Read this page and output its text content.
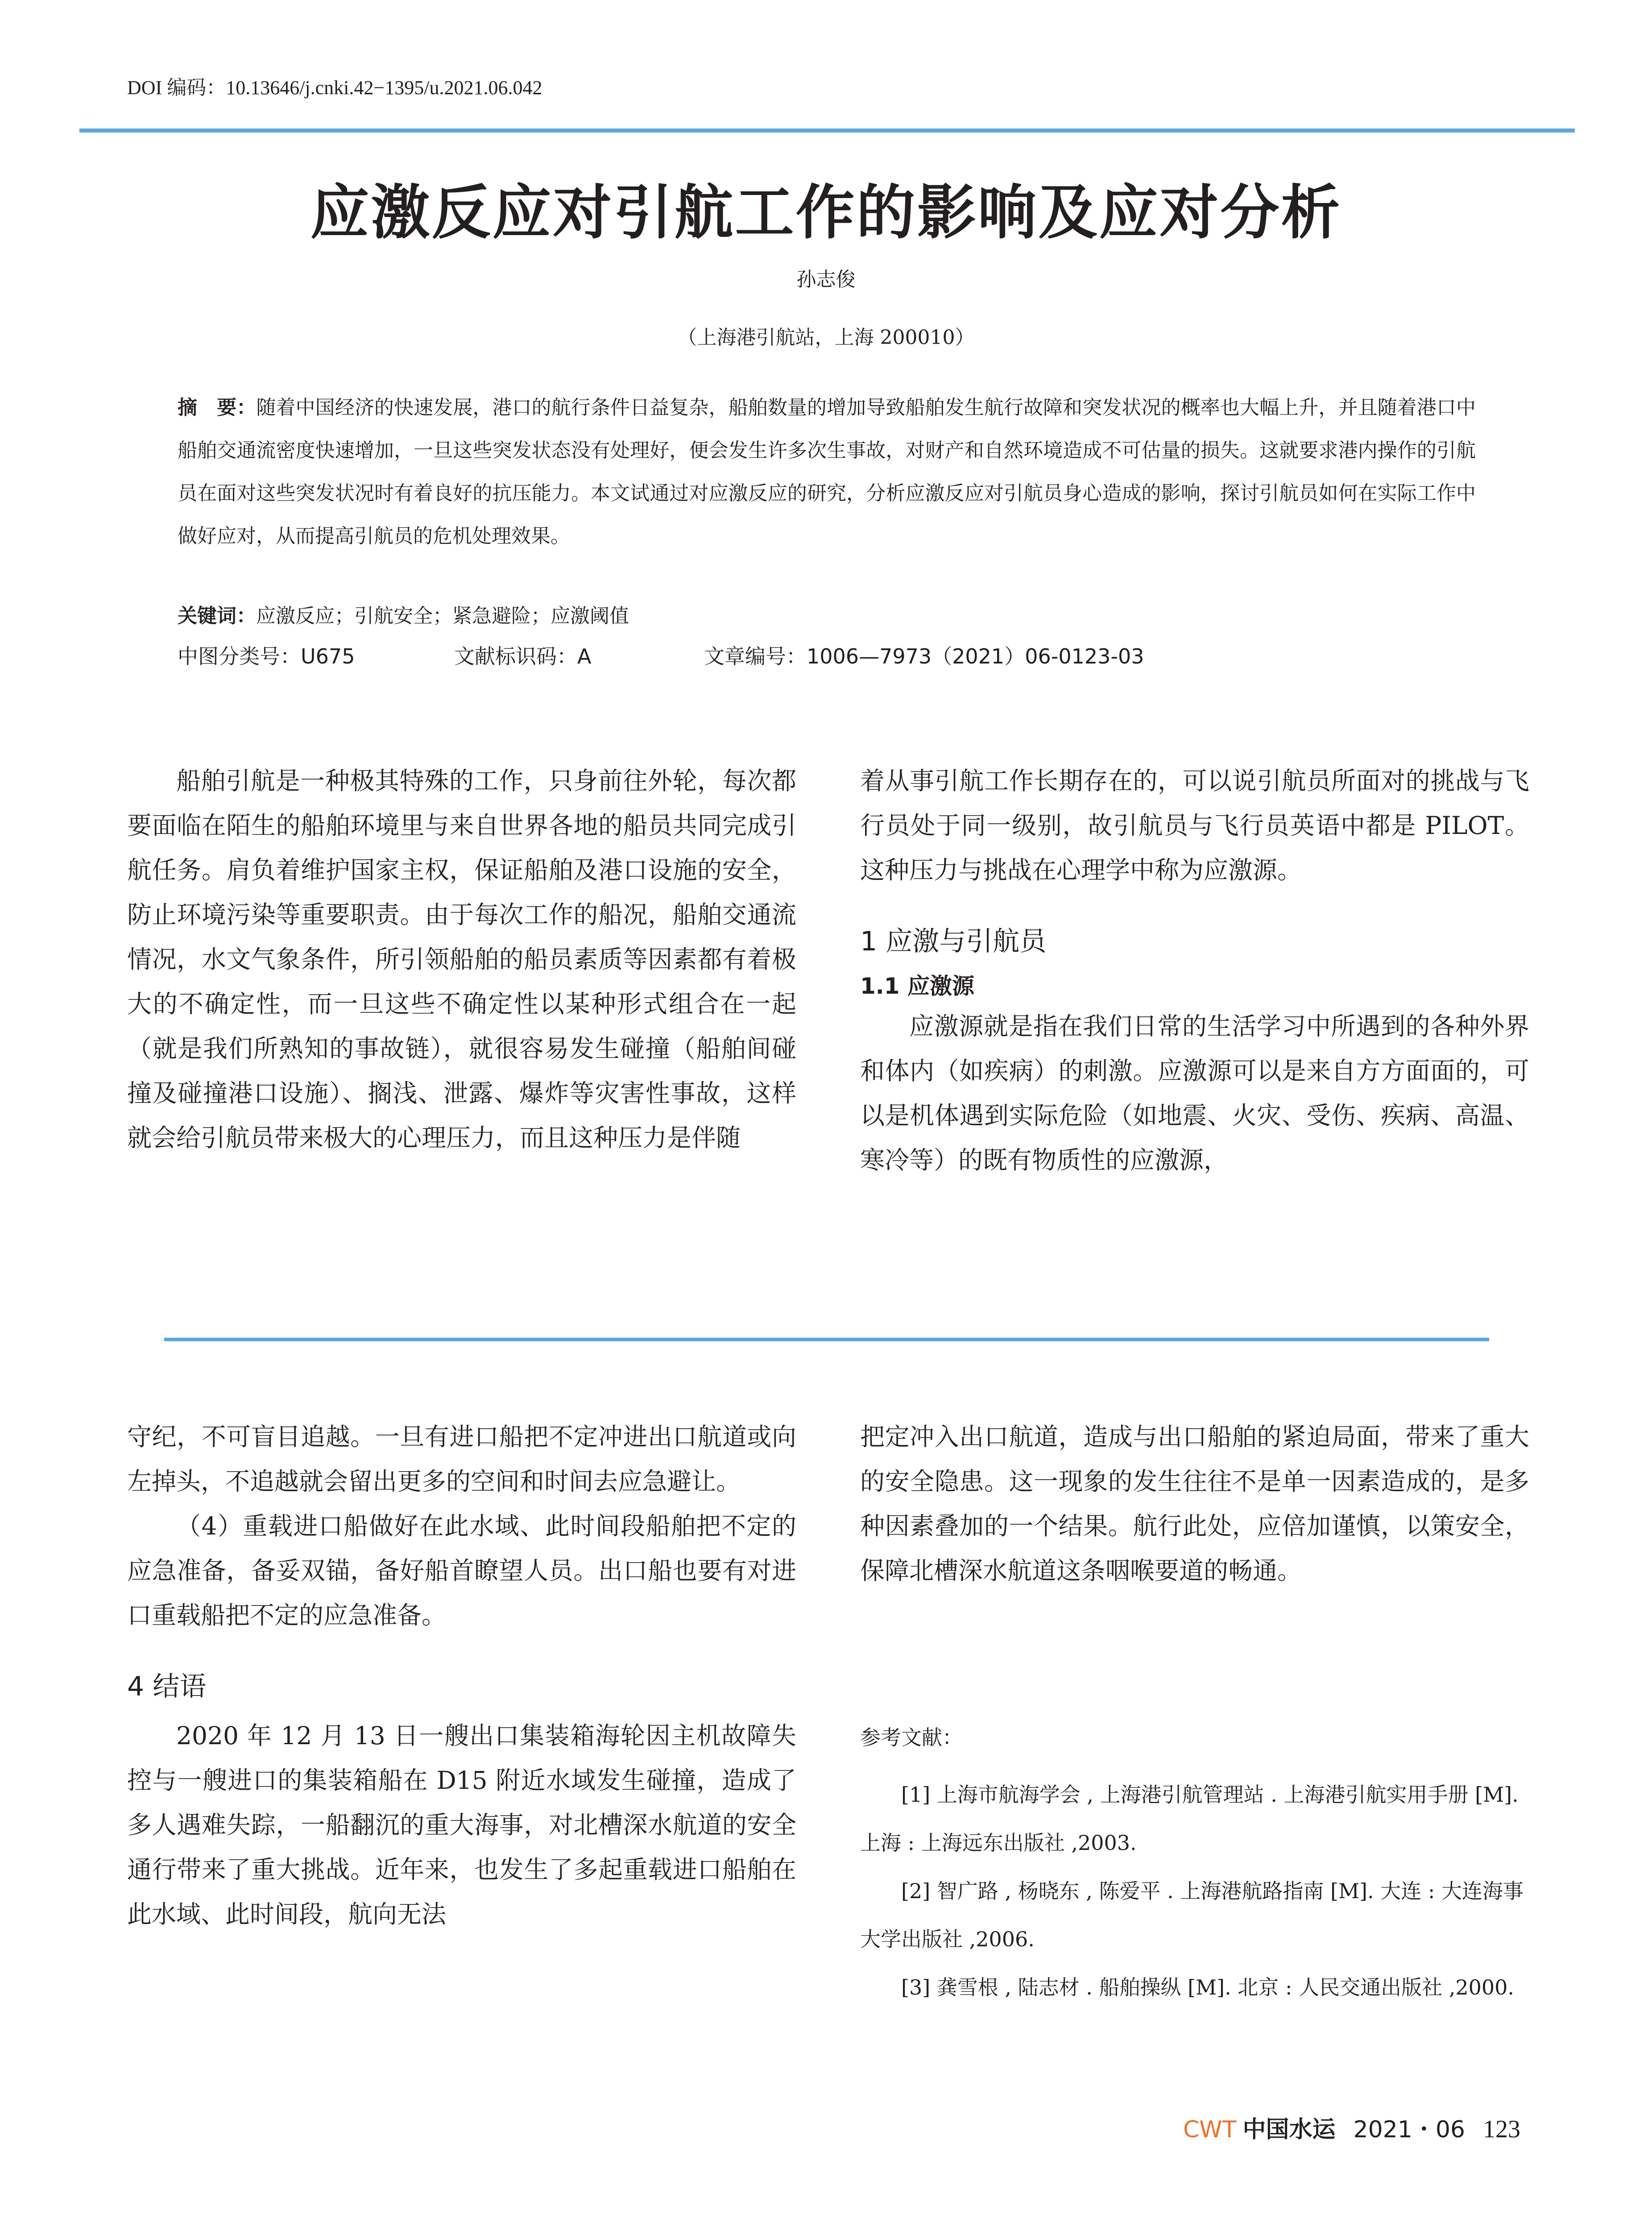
DOI 编码：10.13646/j.cnki.42−1395/u.2021.06.042
应激反应对引航工作的影响及应对分析
孙志俊
（上海港引航站，上海 200010）
摘　要：随着中国经济的快速发展，港口的航行条件日益复杂，船舶数量的增加导致船舶发生航行故障和突发状况的概率也大幅上升，并且随着港口中船舶交通流密度快速增加，一旦这些突发状态没有处理好，便会发生许多次生事故，对财产和自然环境造成不可估量的损失。这就要求港内操作的引航员在面对这些突发状况时有着良好的抗压能力。本文试通过对应激反应的研究，分析应激反应对引航员身心造成的影响，探讨引航员如何在实际工作中做好应对，从而提高引航员的危机处理效果。
关键词：应激反应；引航安全；紧急避险；应激阈值
中图分类号：U675	文献标识码：A	文章编号：1006—7973（2021）06-0123-03

船舶引航是一种极其特殊的工作，只身前往外轮，每次都要面临在陌生的船舶环境里与来自世界各地的船员共同完成引航任务。肩负着维护国家主权，保证船舶及港口设施的安全，防止环境污染等重要职责。由于每次工作的船况，船舶交通流情况，水文气象条件，所引领船舶的船员素质等因素都有着极大的不确定性，而一旦这些不确定性以某种形式组合在一起（就是我们所熟知的事故链），就很容易发生碰撞（船舶间碰撞及碰撞港口设施）、搁浅、泄露、爆炸等灾害性事故，这样就会给引航员带来极大的心理压力，而且这种压力是伴随

着从事引航工作长期存在的，可以说引航员所面对的挑战与飞行员处于同一级别，故引航员与飞行员英语中都是 PILOT。这种压力与挑战在心理学中称为应激源。

1 应激与引航员
1.1 应激源

应激源就是指在我们日常的生活学习中所遇到的各种外界和体内（如疾病）的刺激。应激源可以是来自方方面面的，可以是机体遇到实际危险（如地震、火灾、受伤、疾病、高温、寒冷等）的既有物质性的应激源，

守纪，不可盲目追越。一旦有进口船把不定冲进出口航道或向左掉头，不追越就会留出更多的空间和时间去应急避让。

（4）重载进口船做好在此水域、此时间段船舶把不定的应急准备，备妥双锚，备好船首瞭望人员。出口船也要有对进口重载船把不定的应急准备。

4 结语

2020 年 12 月 13 日一艘出口集装箱海轮因主机故障失控与一艘进口的集装箱船在 D15 附近水域发生碰撞，造成了多人遇难失踪，一船翻沉的重大海事，对北槽深水航道的安全通行带来了重大挑战。近年来，也发生了多起重载进口船舶在此水域、此时间段，航向无法

把定冲入出口航道，造成与出口船舶的紧迫局面，带来了重大的安全隐患。这一现象的发生往往不是单一因素造成的，是多种因素叠加的一个结果。航行此处，应倍加谨慎，以策安全，保障北槽深水航道这条咽喉要道的畅通。

参考文献：

[1] 上海市航海学会 , 上海港引航管理站 . 上海港引航实用手册 [M]. 上海 : 上海远东出版社 ,2003.

[2] 智广路 , 杨晓东 , 陈爱平 . 上海港航路指南 [M]. 大连 : 大连海事大学出版社 ,2006.

[3] 龚雪根 , 陆志材 . 船舶操纵 [M]. 北京 : 人民交通出版社 ,2000.

CWT 中国水运 2021・06 123
